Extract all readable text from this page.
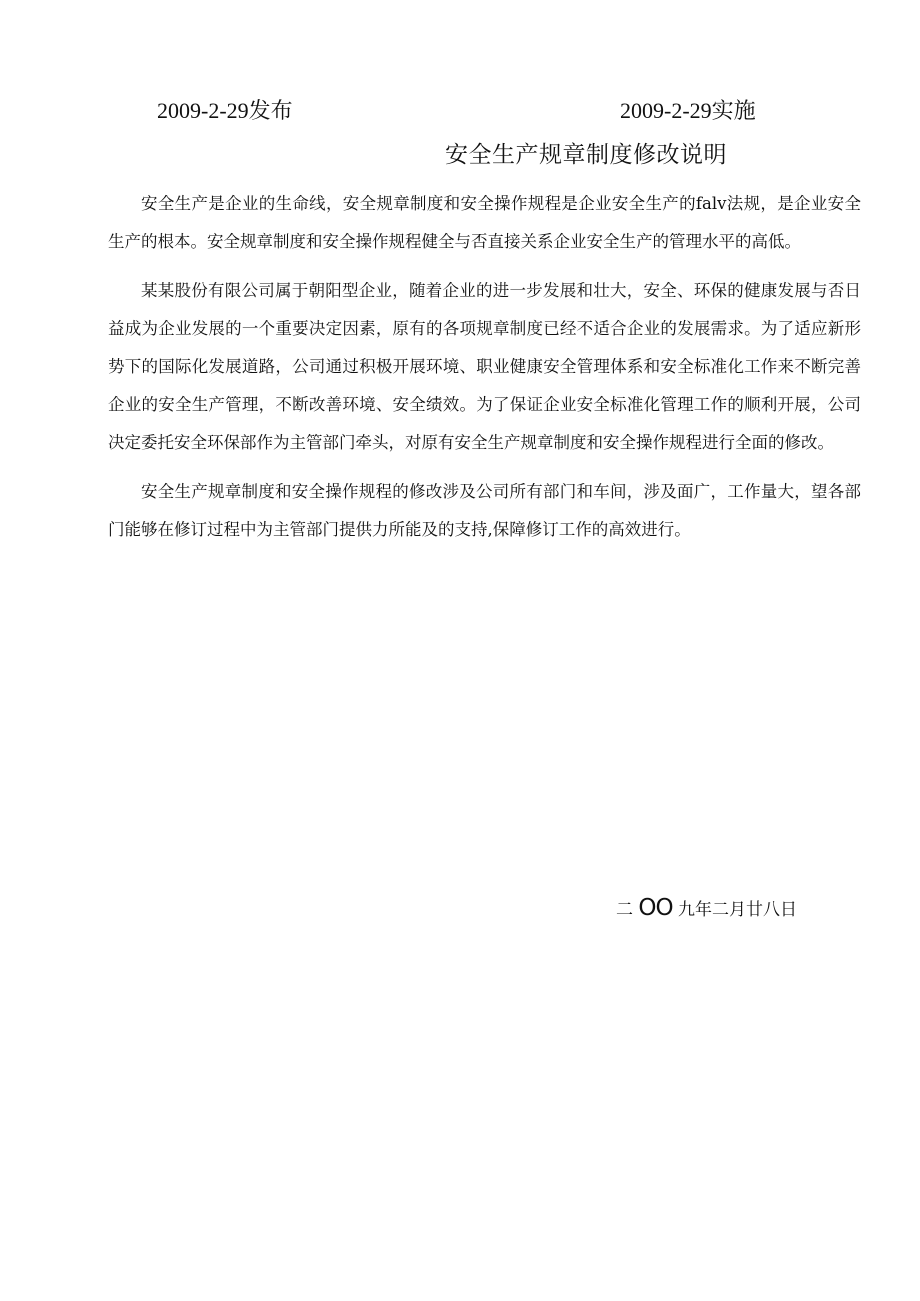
2009-2-29发布	2009-2-29实施
安全生产规章制度修改说明

安全生产是企业的生命线，安全规章制度和安全操作规程是企业安全生产的falv法规，是企业安全生产的根本。安全规章制度和安全操作规程健全与否直接关系企业安全生产的管理水平的高低。

某某股份有限公司属于朝阳型企业，随着企业的进一步发展和壮大，安全、环保的健康发展与否日益成为企业发展的一个重要决定因素，原有的各项规章制度已经不适合企业的发展需求。为了适应新形势下的国际化发展道路，公司通过积极开展环境、职业健康安全管理体系和安全标准化工作来不断完善企业的安全生产管理，不断改善环境、安全绩效。为了保证企业安全标准化管理工作的顺利开展，公司决定委托安全环保部作为主管部门牵头，对原有安全生产规章制度和安全操作规程进行全面的修改。

安全生产规章制度和安全操作规程的修改涉及公司所有部门和车间，涉及面广，工作量大，望各部门能够在修订过程中为主管部门提供力所能及的支持,保障修订工作的高效进行。

二 OO 九年二月廿八日
